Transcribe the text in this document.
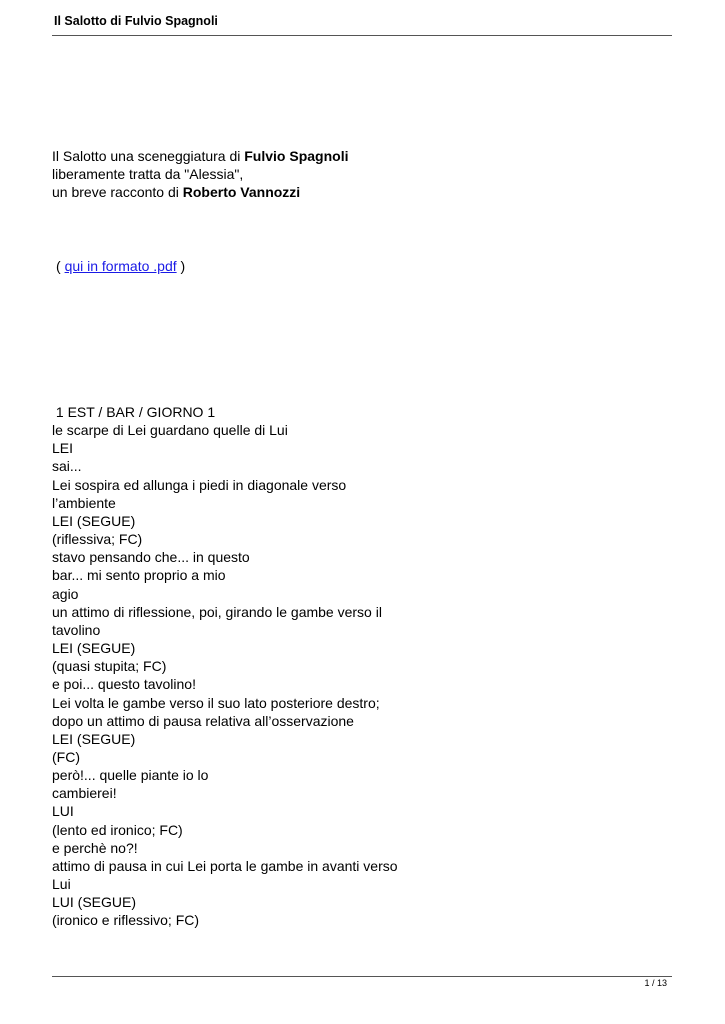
Il Salotto di Fulvio Spagnoli
Il Salotto una sceneggiatura di Fulvio Spagnoli
liberamente tratta da "Alessia",
un breve racconto di Roberto Vannozzi
( qui in formato .pdf )
1 EST / BAR / GIORNO 1
le scarpe di Lei guardano quelle di Lui
LEI
sai...
Lei sospira ed allunga i piedi in diagonale verso
l’ambiente
LEI (SEGUE)
(riflessiva; FC)
stavo pensando che... in questo
bar... mi sento proprio a mio
agio
un attimo di riflessione, poi, girando le gambe verso il
tavolino
LEI (SEGUE)
(quasi stupita; FC)
e poi... questo tavolino!
Lei volta le gambe verso il suo lato posteriore destro;
dopo un attimo di pausa relativa all’osservazione
LEI (SEGUE)
(FC)
però!... quelle piante io lo
cambierei!
LUI
(lento ed ironico; FC)
e perchè no?!
attimo di pausa in cui Lei porta le gambe in avanti verso
Lui
LUI (SEGUE)
(ironico e riflessivo; FC)
1 / 13
